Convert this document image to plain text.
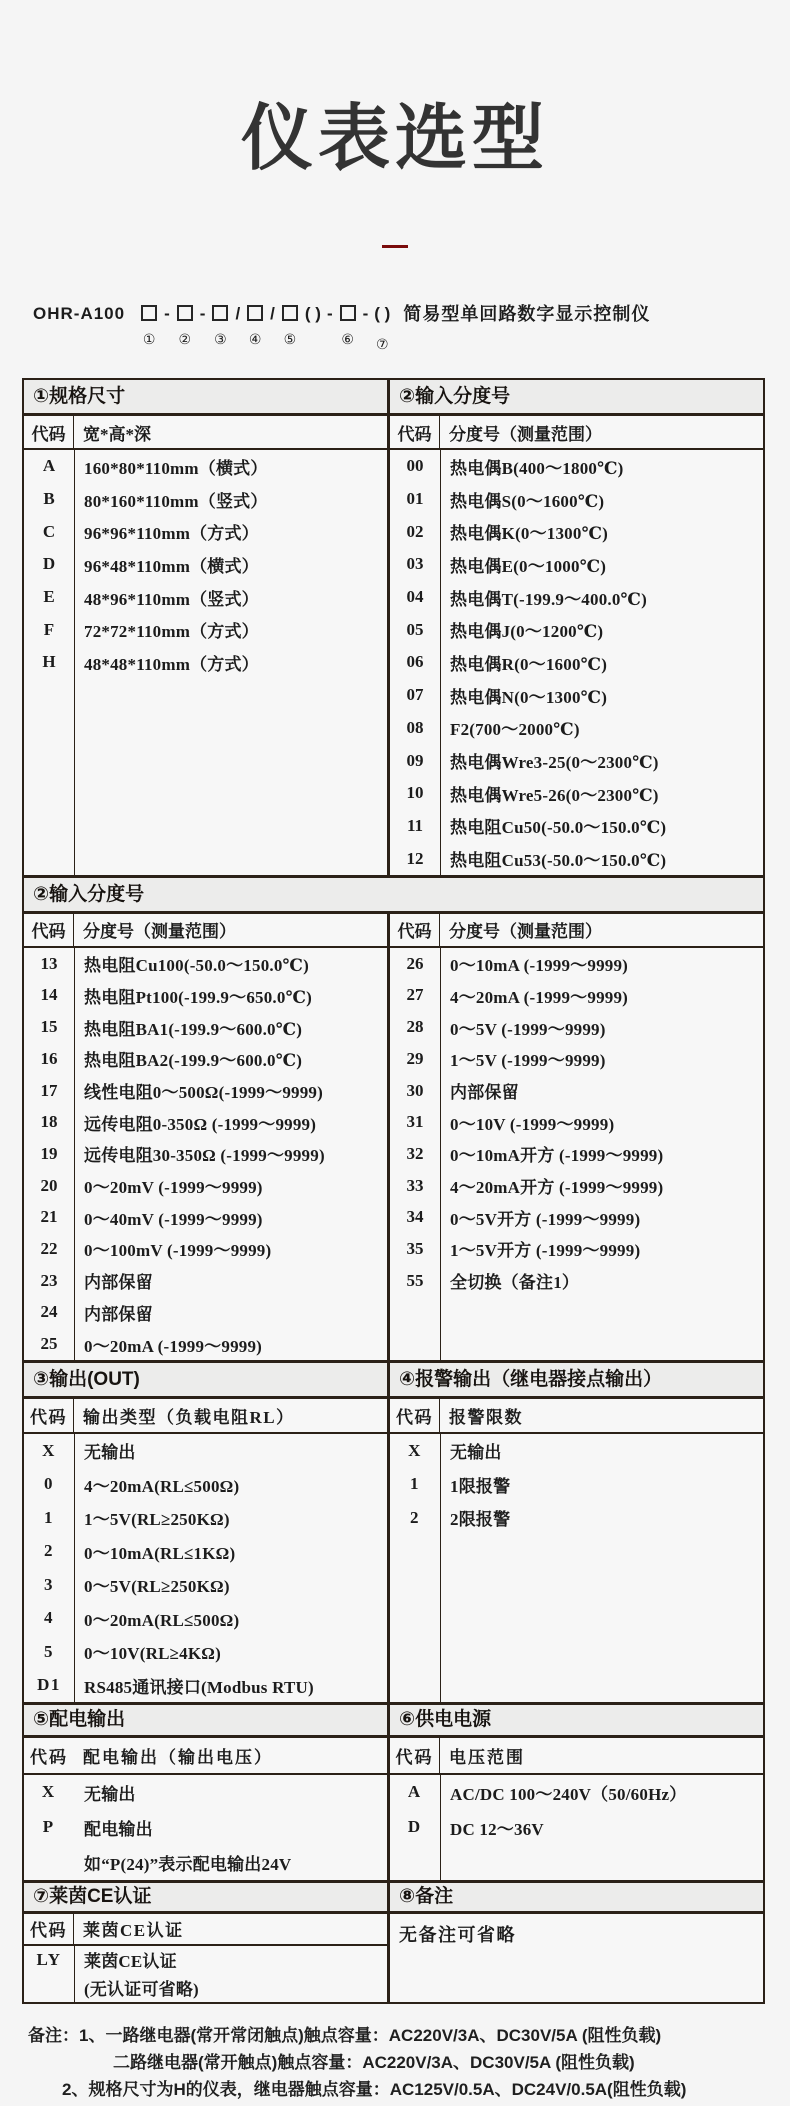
仪表选型
OHR-A100
①
-
②
-
③
/
④
/
⑤
( ) -
⑥
- ( )
⑦
简易型单回路数字显示控制仪
①规格尺寸
代码	宽*高*深
A	160*80*110mm（横式）
B	80*160*110mm（竖式）
C	96*96*110mm（方式）
D	96*48*110mm（横式）
E	48*96*110mm（竖式）
F	72*72*110mm（方式）
H	48*48*110mm（方式）
②输入分度号
代码	分度号（测量范围）
00	热电偶B(400～1800℃)
01	热电偶S(0～1600℃)
02	热电偶K(0～1300℃)
03	热电偶E(0～1000℃)
04	热电偶T(-199.9～400.0℃)
05	热电偶J(0～1200℃)
06	热电偶R(0～1600℃)
07	热电偶N(0～1300℃)
08	F2(700～2000℃)
09	热电偶Wre3-25(0～2300℃)
10	热电偶Wre5-26(0～2300℃)
11	热电阻Cu50(-50.0～150.0℃)
12	热电阻Cu53(-50.0～150.0℃)
②输入分度号
代码	分度号（测量范围）
13	热电阻Cu100(-50.0～150.0℃)
14	热电阻Pt100(-199.9～650.0℃)
15	热电阻BA1(-199.9～600.0℃)
16	热电阻BA2(-199.9～600.0℃)
17	线性电阻0～500Ω(-1999～9999)
18	远传电阻0-350Ω (-1999～9999)
19	远传电阻30-350Ω (-1999～9999)
20	0～20mV (-1999～9999)
21	0～40mV (-1999～9999)
22	0～100mV (-1999～9999)
23	内部保留
24	内部保留
25	0～20mA (-1999～9999)
代码	分度号（测量范围）
26	0～10mA (-1999～9999)
27	4～20mA (-1999～9999)
28	0～5V (-1999～9999)
29	1～5V (-1999～9999)
30	内部保留
31	0～10V (-1999～9999)
32	0～10mA开方 (-1999～9999)
33	4～20mA开方 (-1999～9999)
34	0～5V开方 (-1999～9999)
35	1～5V开方 (-1999～9999)
55	全切换（备注1）
③输出(OUT)
代码 输出类型（负载电阻RL）
X	无输出
0	4～20mA(RL≤500Ω)
1	1～5V(RL≥250KΩ)
2	0～10mA(RL≤1KΩ)
3	0～5V(RL≥250KΩ)
4	0～20mA(RL≤500Ω)
5	0～10V(RL≥4KΩ)
D1	RS485通讯接口(Modbus RTU)
④报警输出（继电器接点输出）
代码 报警限数
X	无输出
1	1限报警
2	2限报警
⑤配电输出
代码 配电输出（输出电压）
X	无输出
P	配电输出
如“P(24)”表示配电输出24V
⑥供电电源
代码 电压范围
A	AC/DC 100～240V（50/60Hz）
D	DC 12～36V
⑦莱茵CE认证
代码 莱茵CE认证
LY	莱茵CE认证
(无认证可省略)
⑧备注
无备注可省略
备注：1、一路继电器(常开常闭触点)触点容量：AC220V/3A、DC30V/5A (阻性负载)
二路继电器(常开触点)触点容量：AC220V/3A、DC30V/5A (阻性负载)
2、规格尺寸为H的仪表，继电器触点容量：AC125V/0.5A、DC24V/0.5A(阻性负载)
